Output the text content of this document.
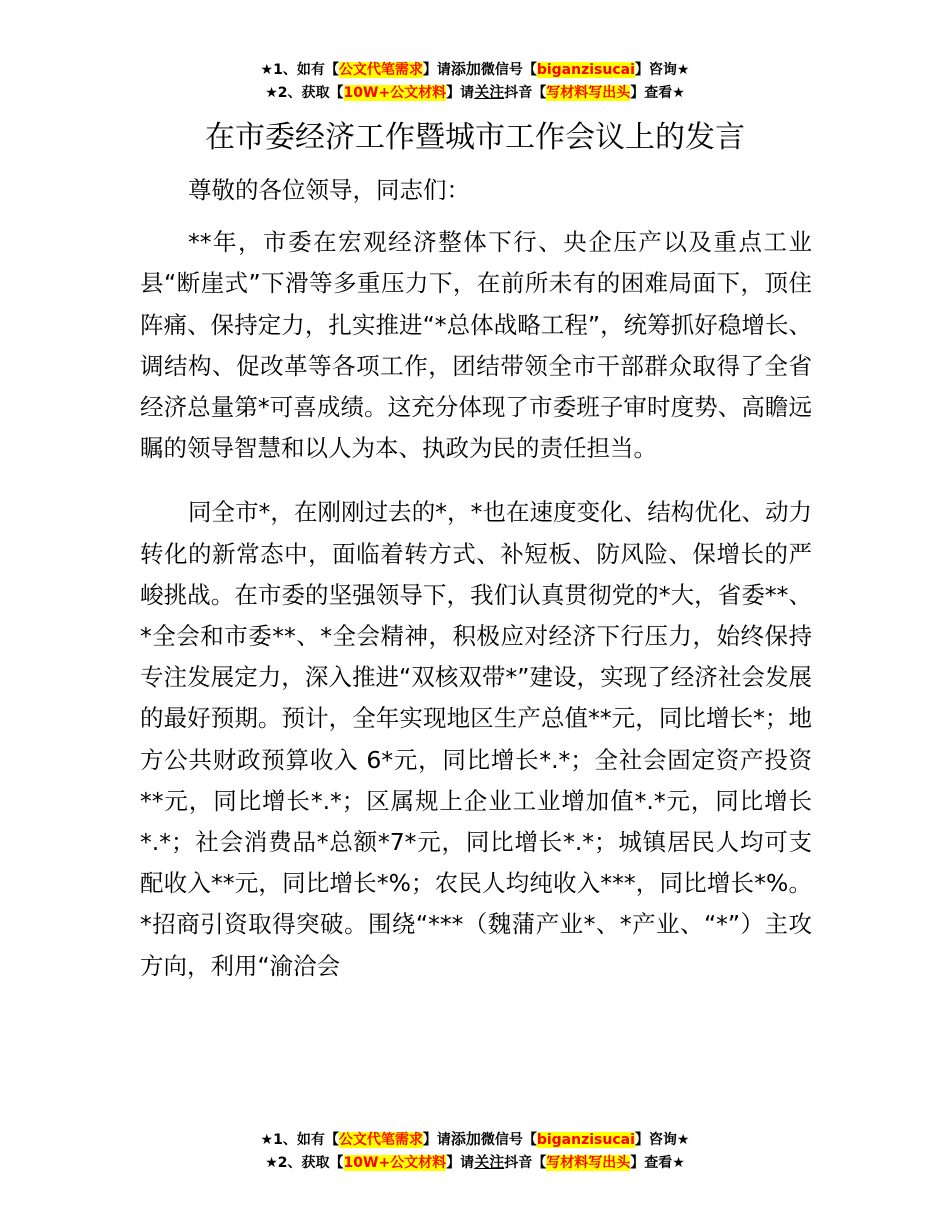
★1、如有【公文代笔需求】请添加微信号【biganzisucai】咨询★
★2、获取【10W+公文材料】请关注抖音【写材料写出头】查看★
在市委经济工作暨城市工作会议上的发言

尊敬的各位领导，同志们：

**年，市委在宏观经济整体下行、央企压产以及重点工业县“断崖式”下滑等多重压力下，在前所未有的困难局面下，顶住阵痛、保持定力，扎实推进“*总体战略工程”，统筹抓好稳增长、调结构、促改革等各项工作，团结带领全市干部群众取得了全省经济总量第*可喜成绩。这充分体现了市委班子审时度势、高瞻远瞩的领导智慧和以人为本、执政为民的责任担当。

同全市*，在刚刚过去的*，*也在速度变化、结构优化、动力转化的新常态中，面临着转方式、补短板、防风险、保增长的严峻挑战。在市委的坚强领导下，我们认真贯彻党的*大，省委**、*全会和市委**、*全会精神，积极应对经济下行压力，始终保持专注发展定力，深入推进“双核双带*”建设，实现了经济社会发展的最好预期。预计，全年实现地区生产总值**元，同比增长*；地方公共财政预算收入 6*元，同比增长*.*；全社会固定资产投资**元，同比增长*.*；区属规上企业工业增加值*.*元，同比增长*.*；社会消费品*总额*7*元，同比增长*.*；城镇居民人均可支配收入**元，同比增长*%；农民人均纯收入***，同比增长*%。*招商引资取得突破。围绕“***（魏蒲产业*、*产业、“*”）主攻方向，利用“渝洽会

★1、如有【公文代笔需求】请添加微信号【biganzisucai】咨询★
★2、获取【10W+公文材料】请关注抖音【写材料写出头】查看★
